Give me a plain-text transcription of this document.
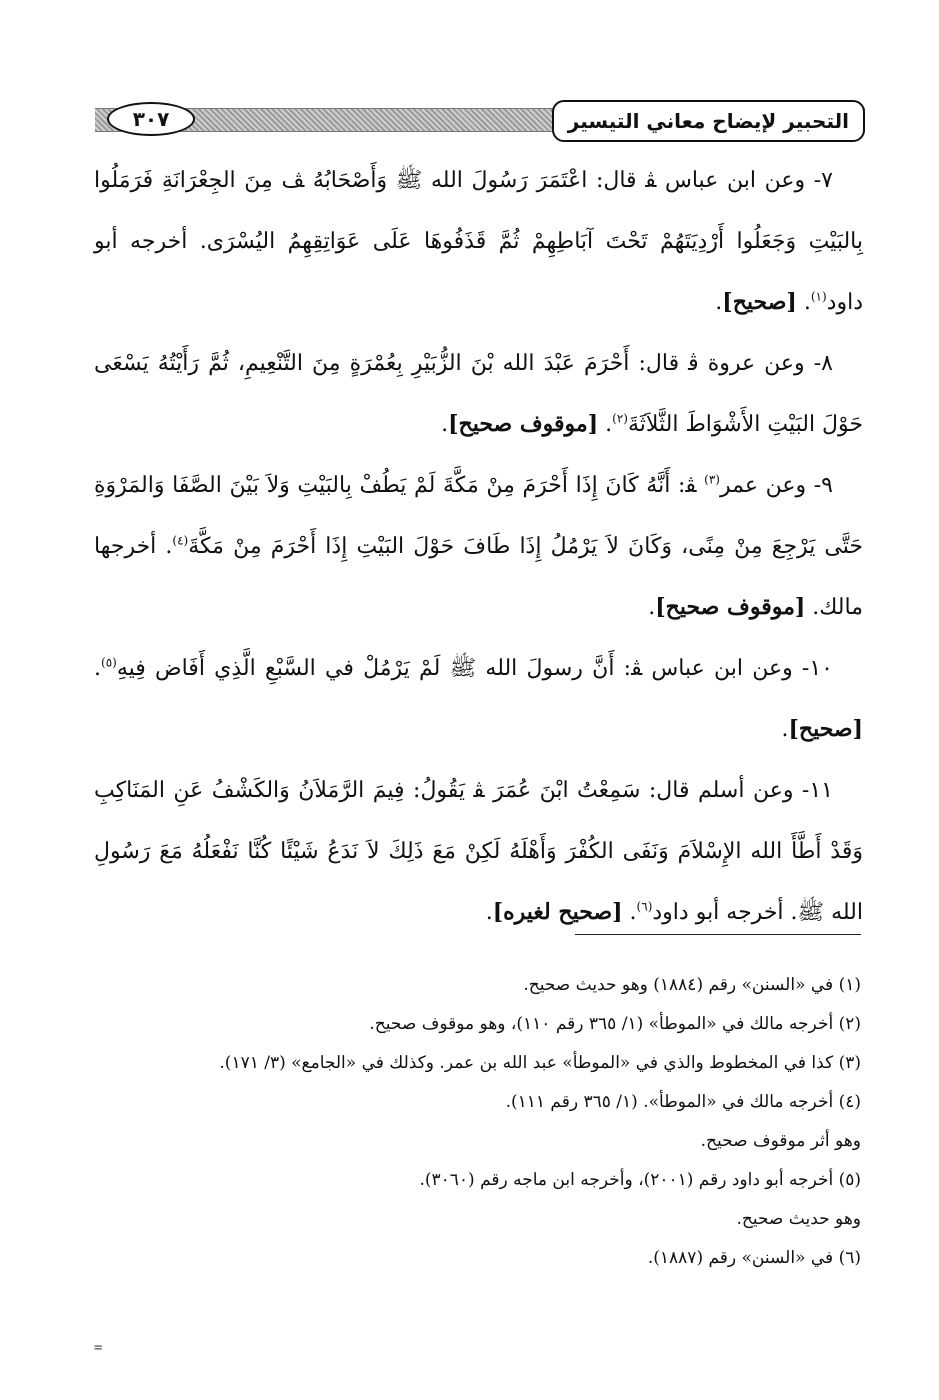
التحبير لإيضاح معاني التيسير
٣٠٧

٧- وعن ابن عباس ﭭ قال: اعْتَمَرَ رَسُولَ الله ﷺ وَأَصْحَابُهُ ﭫ مِنَ الجِعْرَانَةِ فَرَمَلُوا بِالبَيْتِ وَجَعَلُوا أَرْدِيَتَهُمْ تَحْتَ آبَاطِهِمْ ثُمَّ قَذَفُوهَا عَلَى عَوَاتِقِهِمُ اليُسْرَى. أخرجه أبو داود$^{(١)}$. [صحيح].

٨- وعن عروة ﭬ قال: أَحْرَمَ عَبْدَ الله بْنَ الزُّبَيْرِ بِعُمْرَةٍ مِنَ التَّنْعِيمِ، ثُمَّ رَأَيْتُهُ يَسْعَى حَوْلَ البَيْتِ الأَشْوَاطَ الثَّلاَثَةَ$^{(٢)}$. [موقوف صحيح].

٩- وعن عمر$^{(٣)}$ ﭭ: أَنَّهُ كَانَ إِذَا أَحْرَمَ مِنْ مَكَّةَ لَمْ يَطُفْ بِالبَيْتِ وَلاَ بَيْنَ الصَّفَا وَالمَرْوَةِ حَتَّى يَرْجِعَ مِنْ مِنًى، وَكَانَ لاَ يَرْمُلُ إِذَا طَافَ حَوْلَ البَيْتِ إِذَا أَحْرَمَ مِنْ مَكَّةَ$^{(٤)}$. أخرجها مالك. [موقوف صحيح].

١٠- وعن ابن عباس ﭭ: أَنَّ رسولَ الله ﷺ لَمْ يَرْمُلْ في السَّبْعِ الَّذِي أَفَاض فِيهِ$^{(٥)}$. [صحيح].

١١- وعن أسلم قال: سَمِعْتُ ابْنَ عُمَرَ ﭭ يَقُولُ: فِيمَ الرَّمَلاَنُ وَالكَشْفُ عَنِ المَنَاكِبِ وَقَدْ أَطَّأَ الله الإِسْلاَمَ وَنَفَى الكُفْرَ وَأَهْلَهُ لَكِنْ مَعَ ذَلِكَ لاَ نَدَعُ شَيْئًا كُنَّا نَفْعَلُهُ مَعَ رَسُولِ الله ﷺ. أخرجه أبو داود$^{(٦)}$. [صحيح لغيره].

(١) في «السنن» رقم (١٨٨٤) وهو حديث صحيح.

(٢) أخرجه مالك في «الموطأ» (١/ ٣٦٥ رقم ١١٠)، وهو موقوف صحيح.

(٣) كذا في المخطوط والذي في «الموطأ» عبد الله بن عمر. وكذلك في «الجامع» (٣/ ١٧١).

(٤) أخرجه مالك في «الموطأ». (١/ ٣٦٥ رقم ١١١).

وهو أثر موقوف صحيح.

(٥) أخرجه أبو داود رقم (٢٠٠١)، وأخرجه ابن ماجه رقم (٣٠٦٠).

وهو حديث صحيح.

(٦) في «السنن» رقم (١٨٨٧).

=
